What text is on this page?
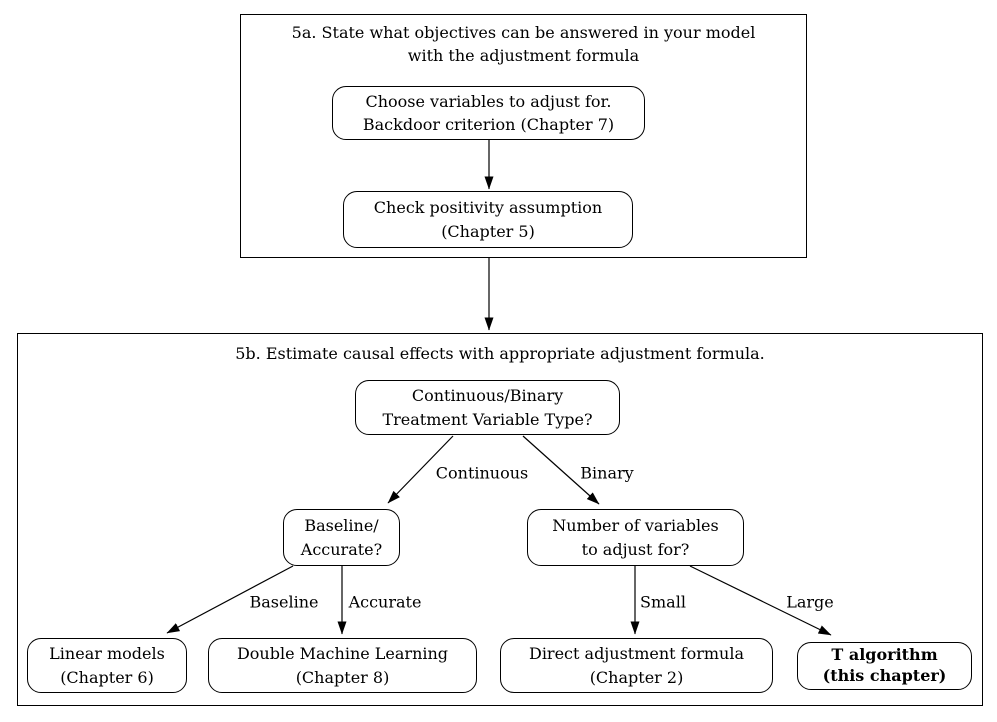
5a. State what objectives can be answered in your model
with the adjustment formula
5b. Estimate causal effects with appropriate adjustment formula.
Choose variables to adjust for.
Backdoor criterion (Chapter 7)
Check positivity assumption
(Chapter 5)
Continuous/Binary
Treatment Variable Type?
Baseline/
Accurate?
Number of variables
to adjust for?
Linear models
(Chapter 6)
Double Machine Learning
(Chapter 8)
Direct adjustment formula
(Chapter 2)
T algorithm
(this chapter)
Continuous	Binary
Baseline Accurate	Small	Large
